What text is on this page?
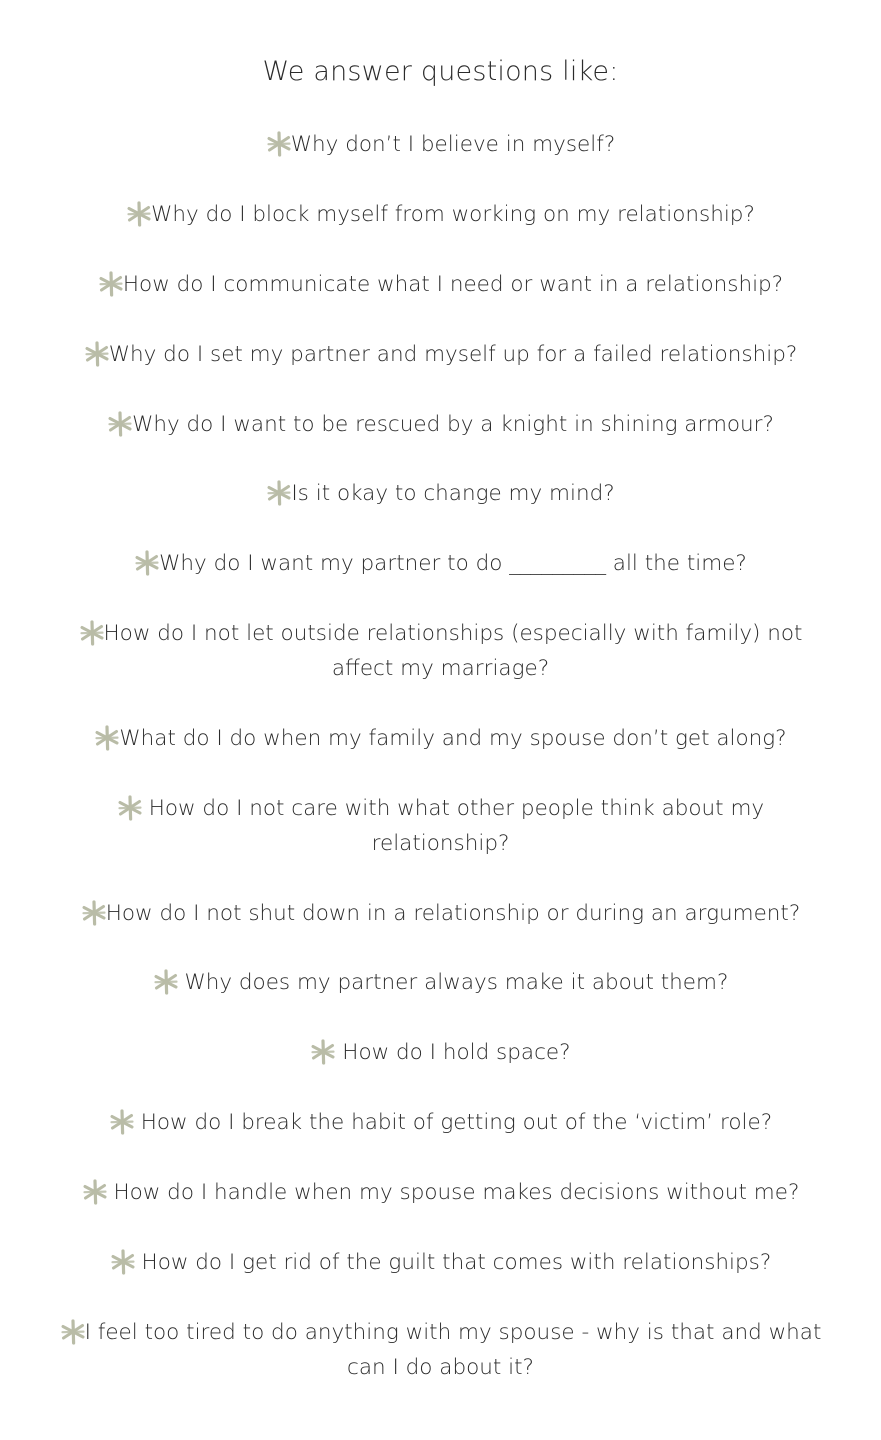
We answer questions like:

Why don’t I believe in myself?

Why do I block myself from working on my relationship?

How do I communicate what I need or want in a relationship?

Why do I set my partner and myself up for a failed relationship?

Why do I want to be rescued by a knight in shining armour?

Is it okay to change my mind?

Why do I want my partner to do _________ all the time?

How do I not let outside relationships (especially with family) not affect my marriage?

What do I do when my family and my spouse don’t get along?

How do I not care with what other people think about my relationship?

How do I not shut down in a relationship or during an argument?

Why does my partner always make it about them?

How do I hold space?

How do I break the habit of getting out of the ‘victim’ role?

How do I handle when my spouse makes decisions without me?

How do I get rid of the guilt that comes with relationships?

I feel too tired to do anything with my spouse - why is that and what can I do about it?
